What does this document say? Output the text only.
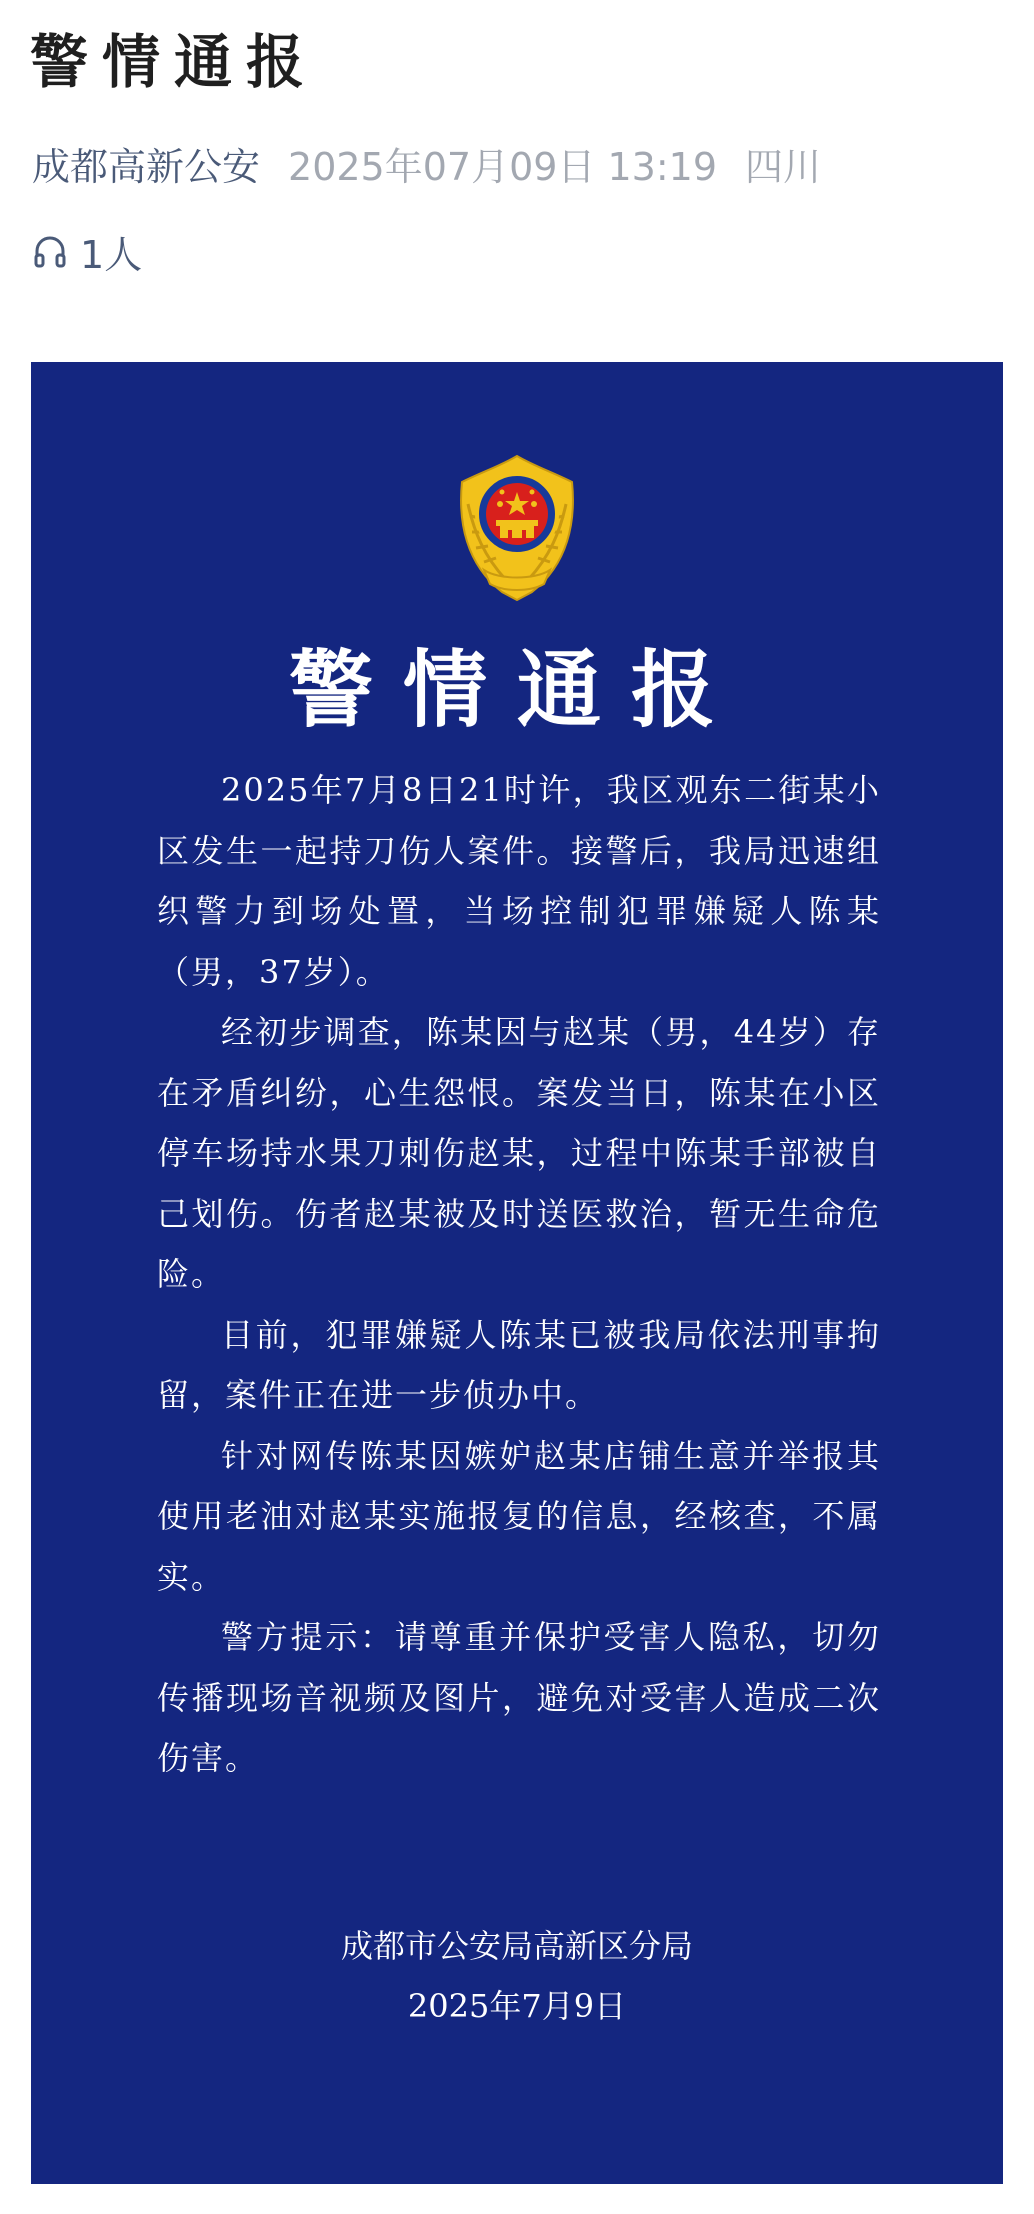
警情通报
成都高新公安 2025年07月09日 13:19 四川
1人
警情通报

2025年7月8日21时许，我区观东二街某小区发生一起持刀伤人案件。接警后，我局迅速组织警力到场处置，当场控制犯罪嫌疑人陈某（男，37岁）。

经初步调查，陈某因与赵某（男，44岁）存在矛盾纠纷，心生怨恨。案发当日，陈某在小区停车场持水果刀刺伤赵某，过程中陈某手部被自己划伤。伤者赵某被及时送医救治，暂无生命危险。

目前，犯罪嫌疑人陈某已被我局依法刑事拘留，案件正在进一步侦办中。

针对网传陈某因嫉妒赵某店铺生意并举报其使用老油对赵某实施报复的信息，经核查，不属实。

警方提示：请尊重并保护受害人隐私，切勿传播现场音视频及图片，避免对受害人造成二次伤害。

成都市公安局高新区分局
2025年7月9日
